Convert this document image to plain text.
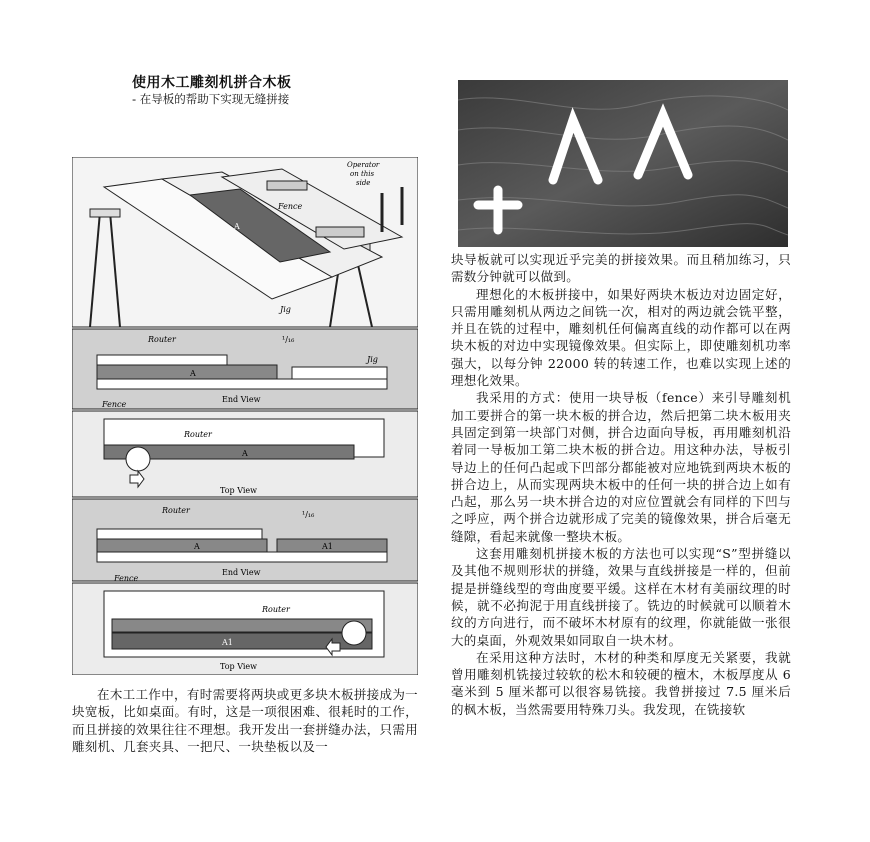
使用木工雕刻机拼合木板
- 在导板的帮助下实现无缝拼接
A
Fence
Operator
on this
side
Jig
Router	¹/₁₆
A
Jig
End View
Fence
A
Router
Top View
Router	¹/₁₆
A	A1
End View
Fence
A1
Router
Top View

在木工工作中，有时需要将两块或更多块木板拼接成为一块宽板，比如桌面。有时，这是一项很困难、很耗时的工作，而且拼接的效果往往不理想。我开发出一套拼缝办法，只需用雕刻机、几套夹具、一把尺、一块垫板以及一

块导板就可以实现近乎完美的拼接效果。而且稍加练习，只需数分钟就可以做到。

理想化的木板拼接中，如果好两块木板边对边固定好，只需用雕刻机从两边之间铣一次，相对的两边就会铣平整，并且在铣的过程中，雕刻机任何偏离直线的动作都可以在两块木板的对边中实现镜像效果。但实际上，即使雕刻机功率强大，以每分钟 22000 转的转速工作，也难以实现上述的理想化效果。

我采用的方式：使用一块导板（fence）来引导雕刻机加工要拼合的第一块木板的拼合边，然后把第二块木板用夹具固定到第一块部门对侧，拼合边面向导板，再用雕刻机沿着同一导板加工第二块木板的拼合边。用这种办法，导板引导边上的任何凸起或下凹部分都能被对应地铣到两块木板的拼合边上，从而实现两块木板中的任何一块的拼合边上如有凸起，那么另一块木拼合边的对应位置就会有同样的下凹与之呼应，两个拼合边就形成了完美的镜像效果，拼合后毫无缝隙，看起来就像一整块木板。

这套用雕刻机拼接木板的方法也可以实现“S”型拼缝以及其他不规则形状的拼缝，效果与直线拼接是一样的，但前提是拼缝线型的弯曲度要平缓。这样在木材有美丽纹理的时候，就不必拘泥于用直线拼接了。铣边的时候就可以顺着木纹的方向进行，而不破坏木材原有的纹理，你就能做一张很大的桌面，外观效果如同取自一块木材。

在采用这种方法时，木材的种类和厚度无关紧要，我就曾用雕刻机铣接过较软的松木和较硬的檀木，木板厚度从 6 毫米到 5 厘米都可以很容易铣接。我曾拼接过 7.5 厘米后的枫木板，当然需要用特殊刀头。我发现，在铣接软
